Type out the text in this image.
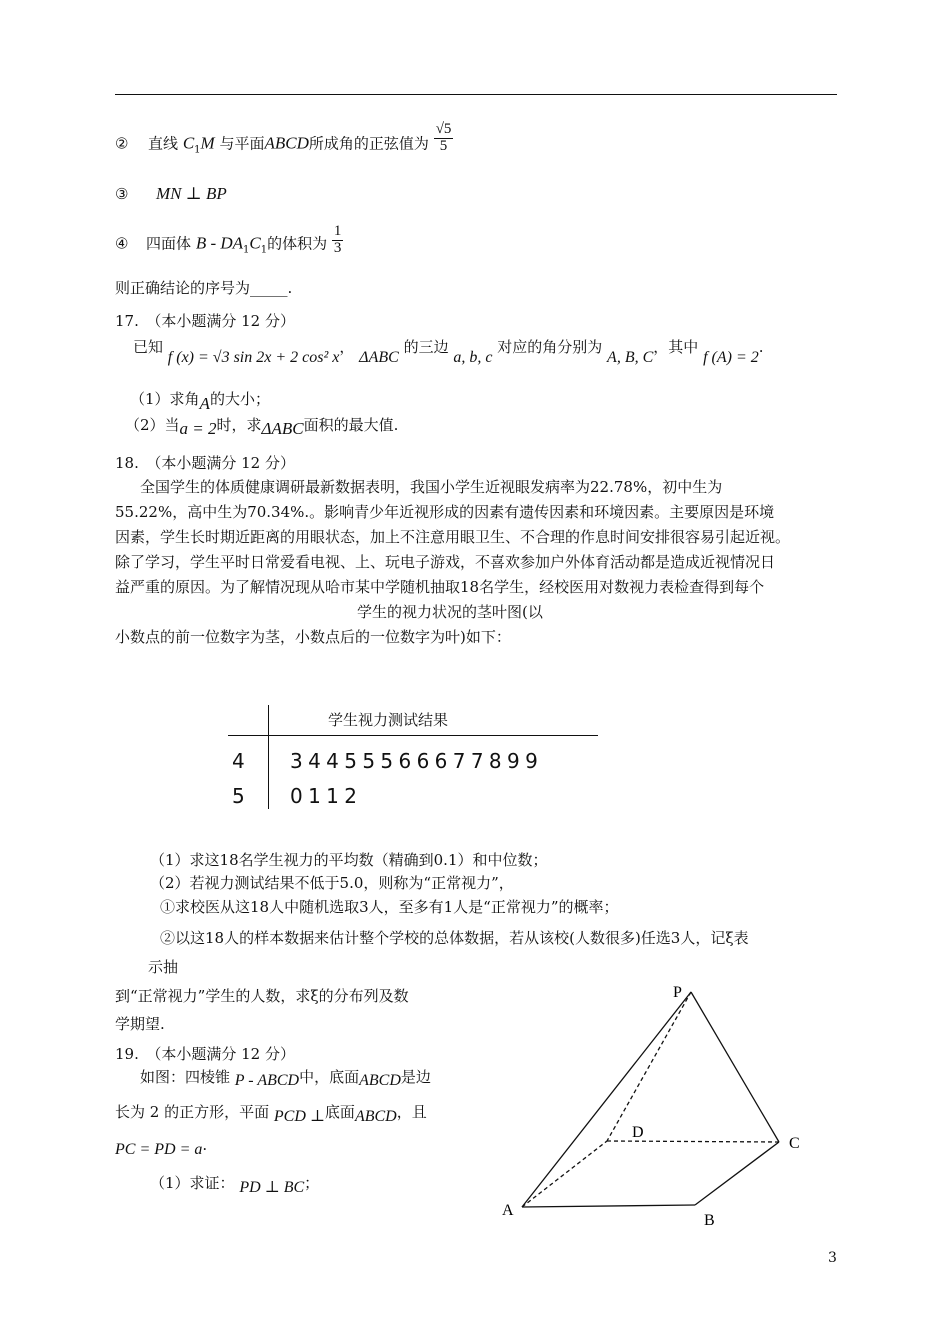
② 直线 $C_1M$ 与平面ABCD所成角的正弦值为 $\frac{√5}{5}$
③ MN ⊥ BP
④ 四面体 B - $DA_1C_1$的体积为 $\frac{1}{3}$
则正确结论的序号为_____.
17.　（本小题满分 12 分）
已知 f (x) = √3 sin 2x + 2 cos² x， ΔABC 的三边 a, b, c 对应的角分别为 A, B, C，其中 f (A) = 2.
（1）求角A的大小；
（2）当a = 2时，求ΔABC面积的最大值.
18.　（本小题满分 12 分）
全国学生的体质健康调研最新数据表明，我国小学生近视眼发病率为22.78%，初中生为
55.22%，高中生为70.34%.。影响青少年近视形成的因素有遗传因素和环境因素。主要原因是环境
因素，学生长时期近距离的用眼状态，加上不注意用眼卫生、不合理的作息时间安排很容易引起近视。
除了学习，学生平时日常爱看电视、上、玩电子游戏，不喜欢参加户外体育活动都是造成近视情况日
益严重的原因。为了解情况现从哈市某中学随机抽取18名学生，经校医用对数视力表检查得到每个
学生的视力状况的茎叶图(以
小数点的前一位数字为茎，小数点后的一位数字为叶)如下：
学生视力测试结果
4 3 4 4 5 5 5 6 6 6 7 7 8 9 9
5 0 1 1 2
（1）求这18名学生视力的平均数（精确到0.1）和中位数；
（2）若视力测试结果不低于5.0，则称为“正常视力”，
①求校医从这18人中随机选取3人，至多有1人是“正常视力”的概率；
②以这18人的样本数据来估计整个学校的总体数据，若从该校(人数很多)任选3人，记ξ表
示抽
到“正常视力”学生的人数，求ξ的分布列及数
学期望.
19.　（本小题满分 12 分）
如图：四棱锥 P - ABCD中，底面ABCD是边
长为 2 的正方形，平面 PCD ⊥底面ABCD，且
PC = PD = a·
（1）求证： PD ⊥ BC；
P
D
C
A
B
3
